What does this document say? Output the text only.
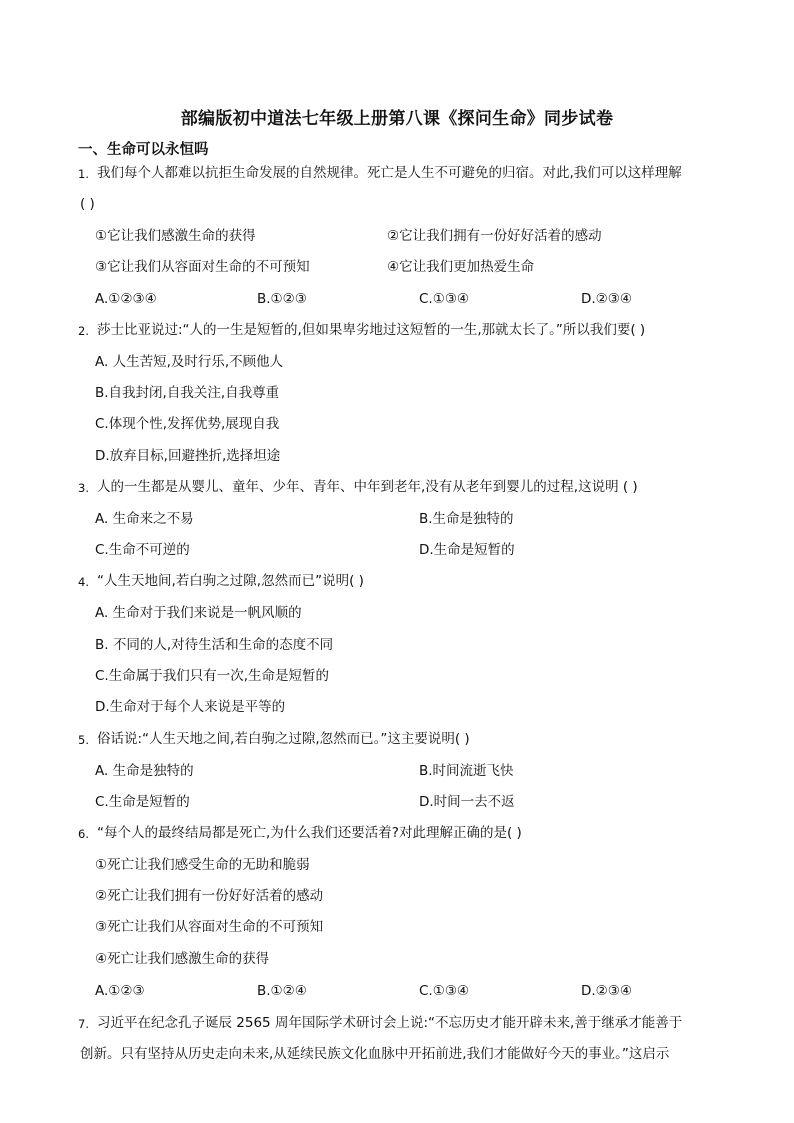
部编版初中道法七年级上册第八课《探问生命》同步试卷
一、生命可以永恒吗
1. 我们每个人都难以抗拒生命发展的自然规律。死亡是人生不可避免的归宿。对此,我们可以这样理解
( )
①它让我们感激生命的获得	②它让我们拥有一份好好活着的感动
③它让我们从容面对生命的不可预知	④它让我们更加热爱生命
A.①②③④	B.①②③	C.①③④	D.②③④
2. 莎士比亚说过:“人的一生是短暂的,但如果卑劣地过这短暂的一生,那就太长了。”所以我们要( )
A. 人生苦短,及时行乐,不顾他人
B.自我封闭,自我关注,自我尊重
C.体现个性,发挥优势,展现自我
D.放弃目标,回避挫折,选择坦途
3. 人的一生都是从婴儿、童年、少年、青年、中年到老年,没有从老年到婴儿的过程,这说明 ( )
A. 生命来之不易	B.生命是独特的
C.生命不可逆的	D.生命是短暂的
4. “人生天地间,若白驹之过隙,忽然而已”说明( )
A. 生命对于我们来说是一帆风顺的
B. 不同的人,对待生活和生命的态度不同
C.生命属于我们只有一次,生命是短暂的
D.生命对于每个人来说是平等的
5. 俗话说:“人生天地之间,若白驹之过隙,忽然而已。”这主要说明( )
A. 生命是独特的	B.时间流逝飞快
C.生命是短暂的	D.时间一去不返
6. “每个人的最终结局都是死亡,为什么我们还要活着?对此理解正确的是( )
①死亡让我们感受生命的无助和脆弱
②死亡让我们拥有一份好好活着的感动
③死亡让我们从容面对生命的不可预知
④死亡让我们感激生命的获得
A.①②③	B.①②④	C.①③④	D.②③④
7. 习近平在纪念孔子诞辰 2565 周年国际学术研讨会上说:“不忘历史才能开辟未来,善于继承才能善于
创新。只有坚持从历史走向未来,从延续民族文化血脉中开拓前进,我们才能做好今天的事业。”这启示
